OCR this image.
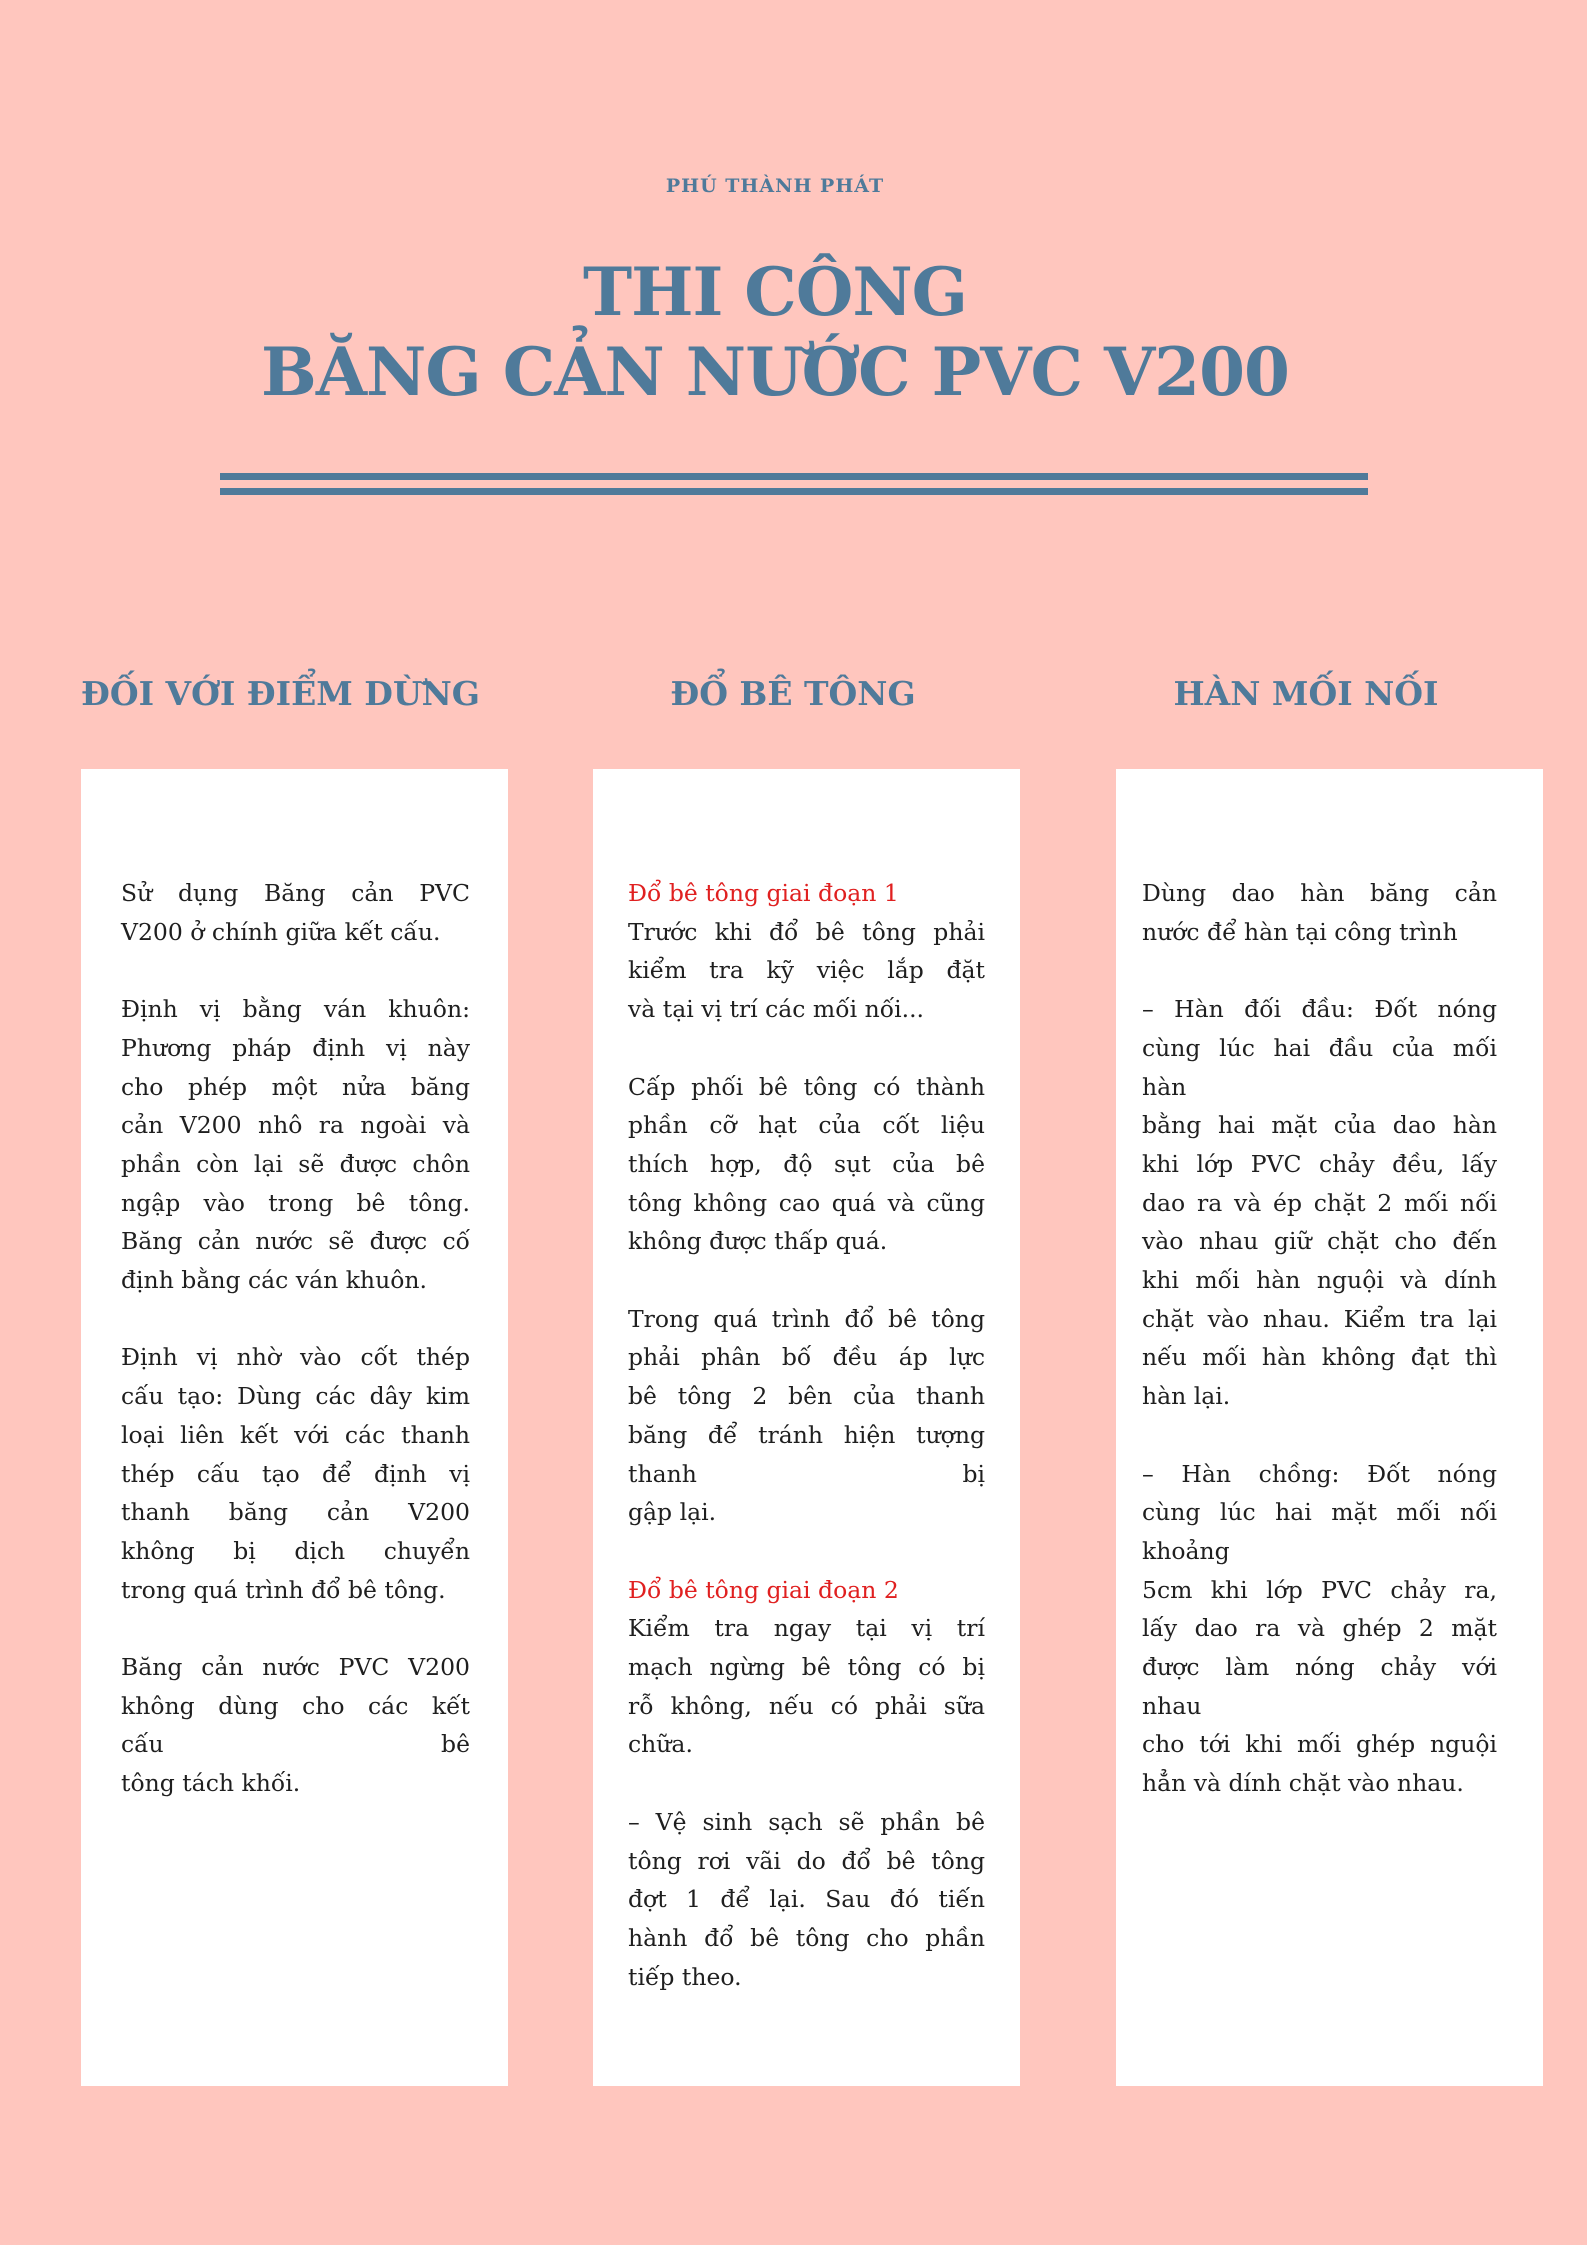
PHÚ THÀNH PHÁT
THI CÔNG
BĂNG CẢN NƯỚC PVC V200
ĐỐI VỚI ĐIỂM DỪNG
Sử dụng Băng cản PVC
V200 ở chính giữa kết cấu.
Định vị bằng ván khuôn:
Phương pháp định vị này
cho phép một nửa băng
cản V200 nhô ra ngoài và
phần còn lại sẽ được chôn
ngập vào trong bê tông.
Băng cản nước sẽ được cố
định bằng các ván khuôn.
Định vị nhờ vào cốt thép
cấu tạo: Dùng các dây kim
loại liên kết với các thanh
thép cấu tạo để định vị
thanh băng cản V200
không bị dịch chuyển
trong quá trình đổ bê tông.
Băng cản nước PVC V200
không dùng cho các kết
cấu bê
tông tách khối.
ĐỔ BÊ TÔNG
Đổ bê tông giai đoạn 1
Trước khi đổ bê tông phải
kiểm tra kỹ việc lắp đặt
và tại vị trí các mối nối...
Cấp phối bê tông có thành
phần cỡ hạt của cốt liệu
thích hợp, độ sụt của bê
tông không cao quá và cũng
không được thấp quá.
Trong quá trình đổ bê tông
phải phân bố đều áp lực
bê tông 2 bên của thanh
băng để tránh hiện tượng
thanh bị
gập lại.
Đổ bê tông giai đoạn 2
Kiểm tra ngay tại vị trí
mạch ngừng bê tông có bị
rỗ không, nếu có phải sữa
chữa.
– Vệ sinh sạch sẽ phần bê
tông rơi vãi do đổ bê tông
đợt 1 để lại. Sau đó tiến
hành đổ bê tông cho phần
tiếp theo.
HÀN MỐI NỐI
Dùng dao hàn băng cản
nước để hàn tại công trình
– Hàn đối đầu: Đốt nóng
cùng lúc hai đầu của mối
hàn
bằng hai mặt của dao hàn
khi lớp PVC chảy đều, lấy
dao ra và ép chặt 2 mối nối
vào nhau giữ chặt cho đến
khi mối hàn nguội và dính
chặt vào nhau. Kiểm tra lại
nếu mối hàn không đạt thì
hàn lại.
– Hàn chồng: Đốt nóng
cùng lúc hai mặt mối nối
khoảng
5cm khi lớp PVC chảy ra,
lấy dao ra và ghép 2 mặt
được làm nóng chảy với
nhau
cho tới khi mối ghép nguội
hẳn và dính chặt vào nhau.
